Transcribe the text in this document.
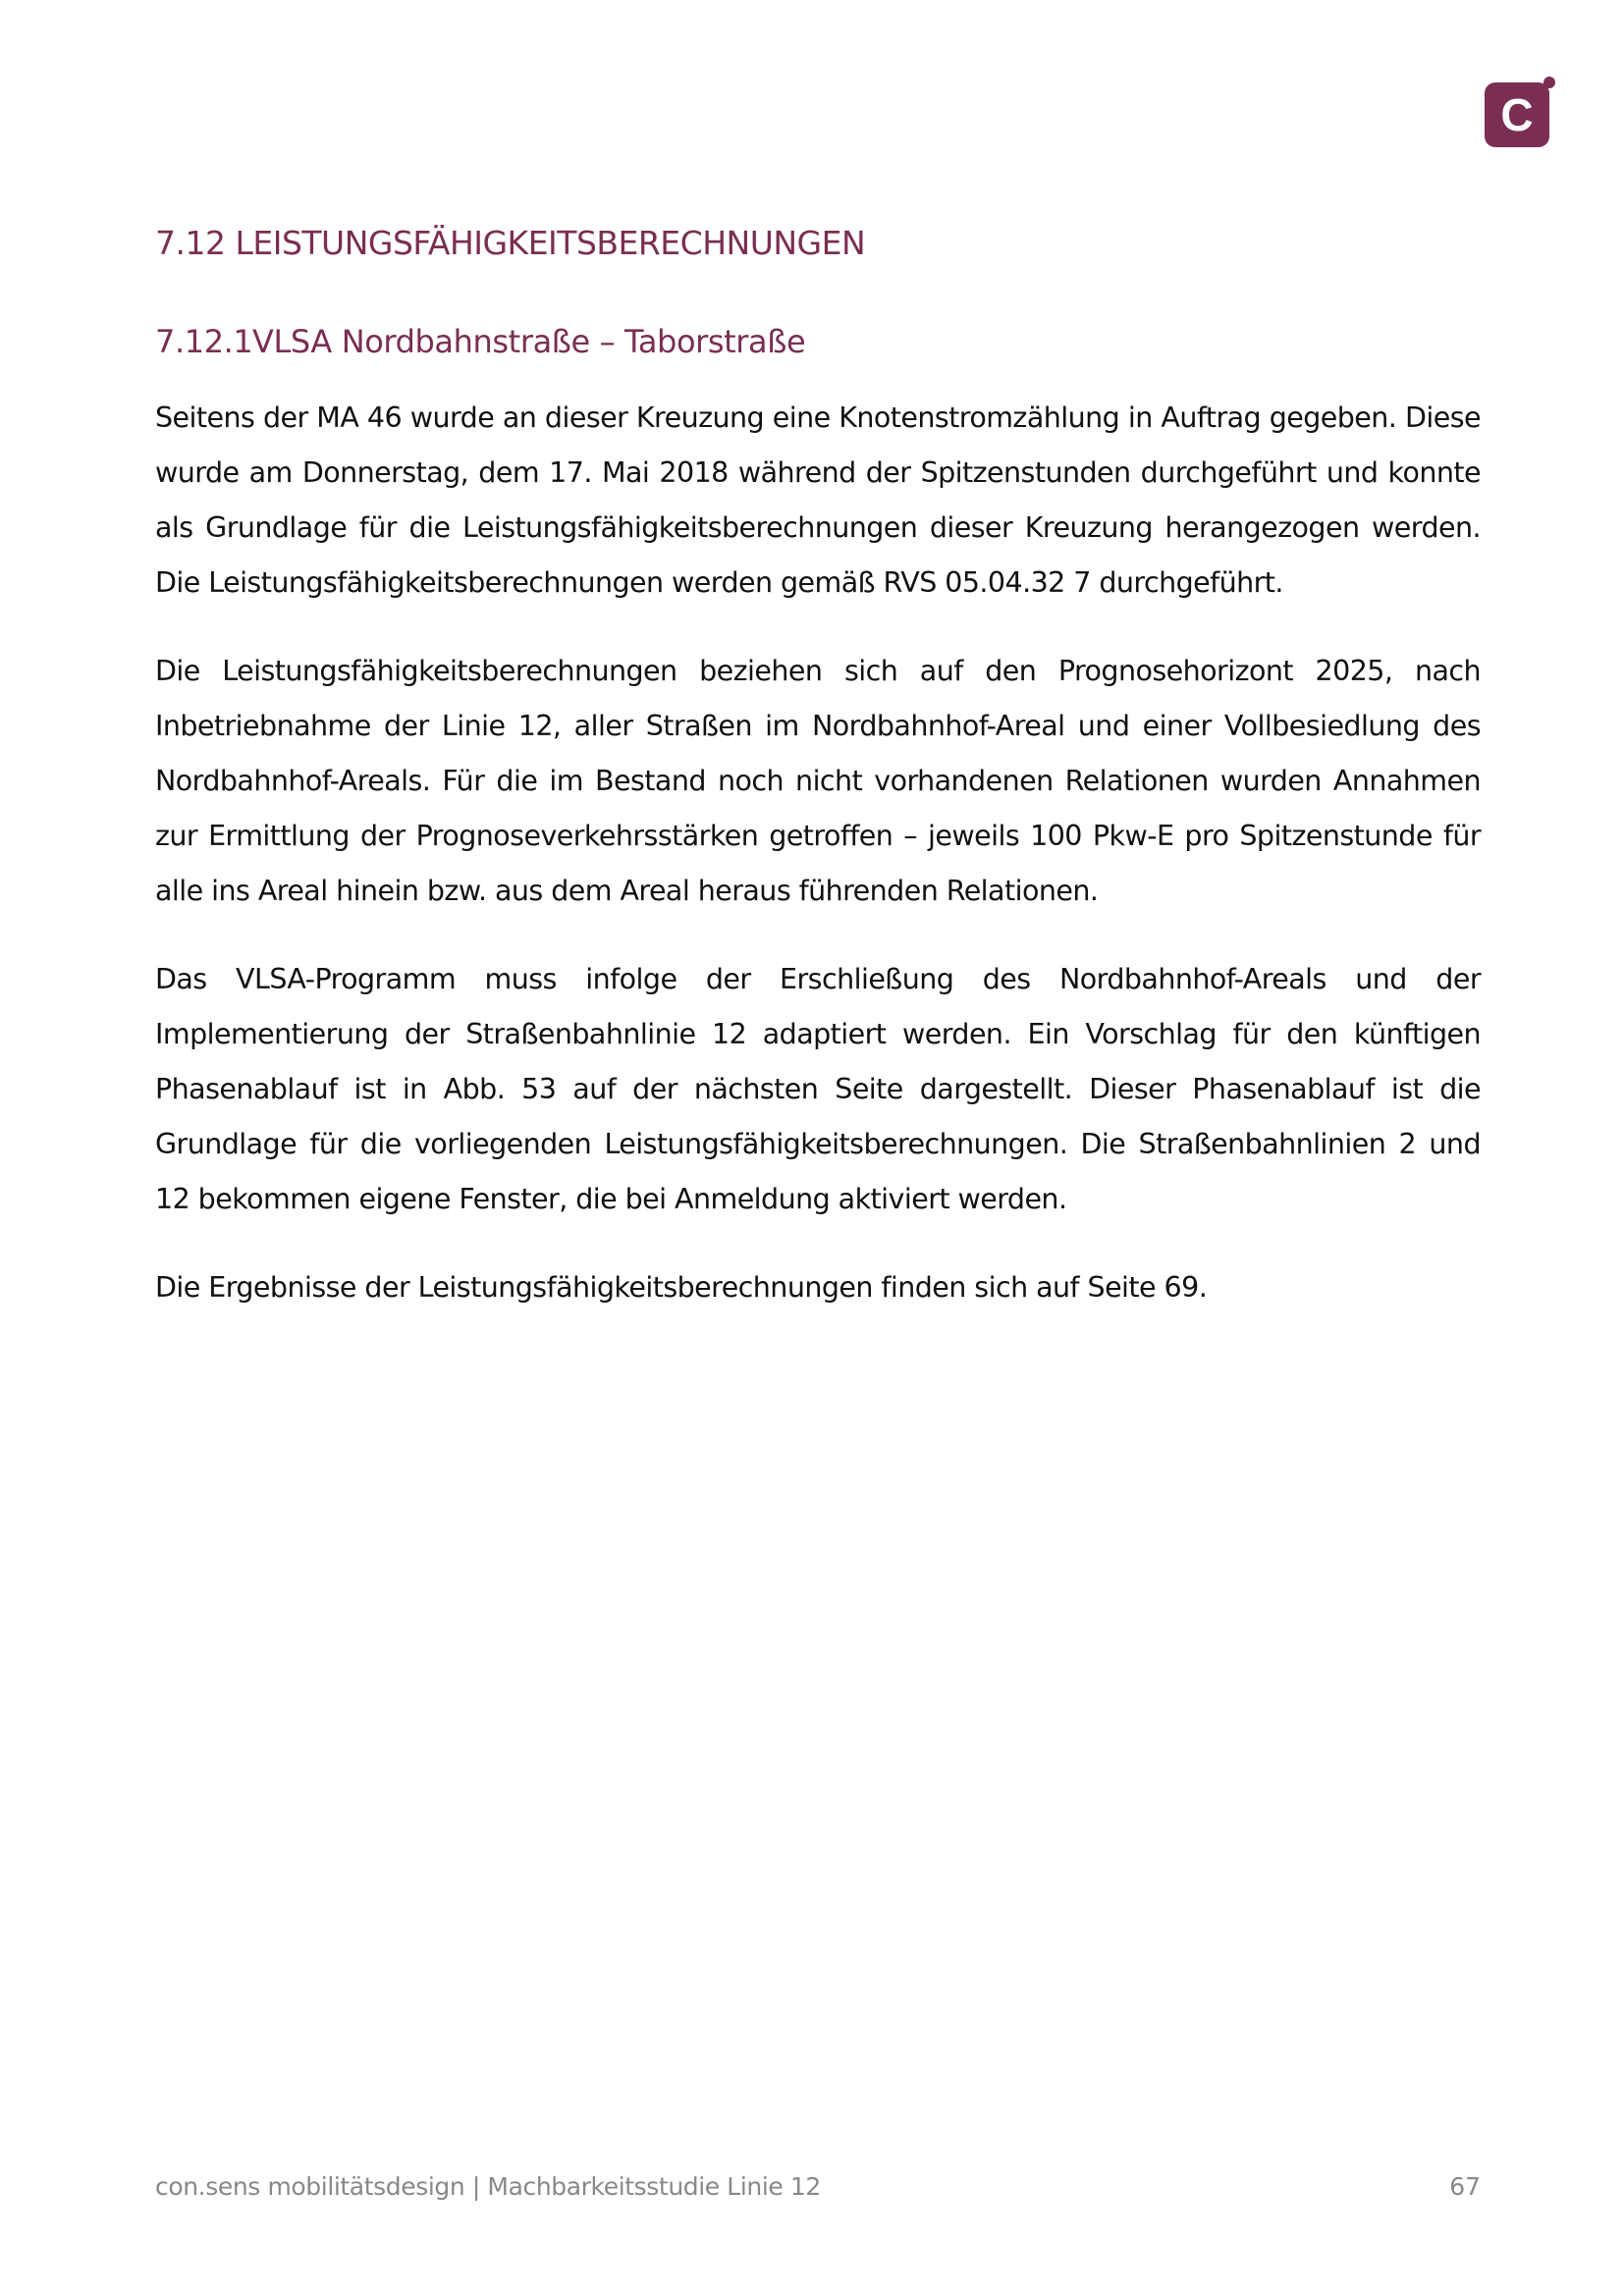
C
7.12 LEISTUNGSFÄHIGKEITSBERECHNUNGEN
7.12.1VLSA Nordbahnstraße – Taborstraße

Seitens der MA 46 wurde an dieser Kreuzung eine Knotenstromzählung in Auftrag gegeben. Diese wurde am Donnerstag, dem 17. Mai 2018 während der Spitzenstunden durchgeführt und konnte als Grundlage für die Leistungsfähigkeitsberechnungen dieser Kreuzung herangezogen werden. Die Leistungsfähigkeitsberechnungen werden gemäß RVS 05.04.32 7 durchgeführt.

Die Leistungsfähigkeitsberechnungen beziehen sich auf den Prognosehorizont 2025, nach Inbetriebnahme der Linie 12, aller Straßen im Nordbahnhof-Areal und einer Vollbesiedlung des Nordbahnhof-Areals. Für die im Bestand noch nicht vorhandenen Relationen wurden Annahmen zur Ermittlung der Prognoseverkehrsstärken getroffen – jeweils 100 Pkw-E pro Spitzenstunde für alle ins Areal hinein bzw. aus dem Areal heraus führenden Relationen.

Das VLSA-Programm muss infolge der Erschließung des Nordbahnhof-Areals und der Implementierung der Straßenbahnlinie 12 adaptiert werden. Ein Vorschlag für den künftigen Phasenablauf ist in Abb. 53 auf der nächsten Seite dargestellt. Dieser Phasenablauf ist die Grundlage für die vorliegenden Leistungsfähigkeitsberechnungen. Die Straßenbahnlinien 2 und 12 bekommen eigene Fenster, die bei Anmeldung aktiviert werden.

Die Ergebnisse der Leistungsfähigkeitsberechnungen finden sich auf Seite 69.

con.sens mobilitätsdesign | Machbarkeitsstudie Linie 12	67
